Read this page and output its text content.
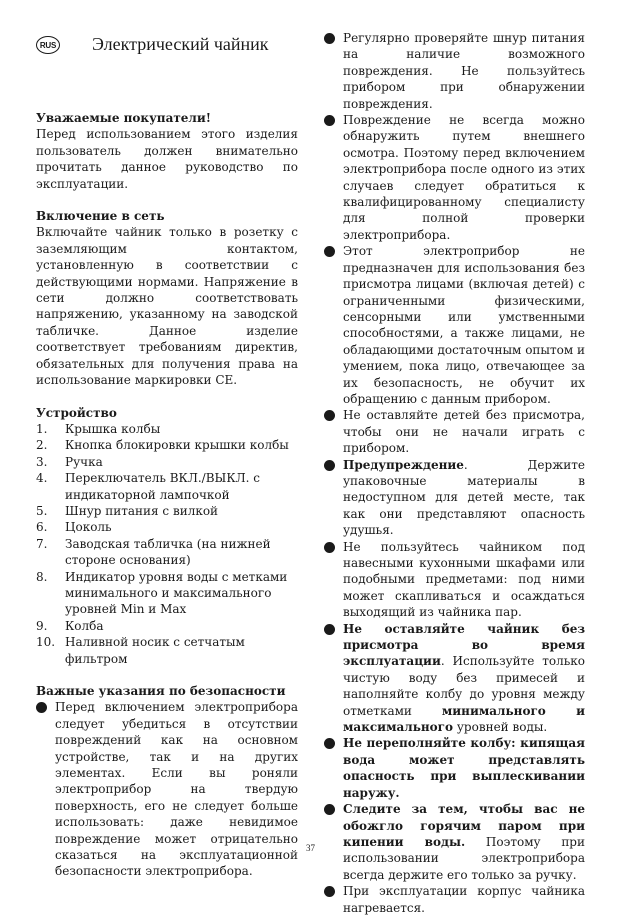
RUS Электрический чайник
Уважаемые покупатели!

Перед использованием этого изделия пользователь должен внимательно прочитать данное руководство по эксплуатации.

Включение в сеть

Включайте чайник только в розетку с заземляющим контактом, установленную в соответствии с действующими нормами. Напряжение в сети должно соответствовать напряжению, указанному на заводской табличке. Данное изделие соответствует требованиям директив, обязательных для получения права на использование маркировки CE.

Устройство
1.	Крышка колбы
2.	Кнопка блокировки крышки колбы
3.	Ручка
4.	Переключатель ВКЛ./ВЫКЛ. с индикаторной лампочкой
5.	Шнур питания с вилкой
6.	Цоколь
7.	Заводская табличка (на нижней стороне основания)
8.	Индикатор уровня воды с метками минимального и максимального уровней Min и Max
9.	Колба
10. Наливной носик с сетчатым фильтром
Важные указания по безопасности
Перед включением электроприбора следует убедиться в отсутствии повреждений как на основном устройстве, так и на других элементах. Если вы роняли электроприбор на твердую поверхность, его не следует больше использовать: даже невидимое повреждение может отрицательно сказаться на эксплуатационной безопасности электроприбора.
Регулярно проверяйте шнур питания на наличие возможного повреждения. Не пользуйтесь прибором при обнаружении повреждения.
Повреждение не всегда можно обнаружить путем внешнего осмотра. Поэтому перед включением электроприбора после одного из этих случаев следует обратиться к квалифицированному специалисту для полной проверки электроприбора.
Этот электроприбор не предназначен для использования без присмотра лицами (включая детей) с ограниченными физическими, сенсорными или умственными способностями, а также лицами, не обладающими достаточным опытом и умением, пока лицо, отвечающее за их безопасность, не обучит их обращению с данным прибором.
Не оставляйте детей без присмотра, чтобы они не начали играть с прибором.
Предупреждение. Держите упаковочные материалы в недоступном для детей месте, так как они представляют опасность удушья.
Не пользуйтесь чайником под навесными кухонными шкафами или подобными предметами: под ними может скапливаться и осаждаться выходящий из чайника пар.
Не оставляйте чайник без присмотра во время эксплуатации. Используйте только чистую воду без примесей и наполняйте колбу до уровня между отметками минимального и максимального уровней воды.
Не переполняйте колбу: кипящая вода может представлять опасность при выплескивании наружу.
Следите за тем, чтобы вас не обожгло горячим паром при кипении воды. Поэтому при использовании электроприбора всегда держите его только за ручку.
При эксплуатации корпус чайника нагревается.
37
